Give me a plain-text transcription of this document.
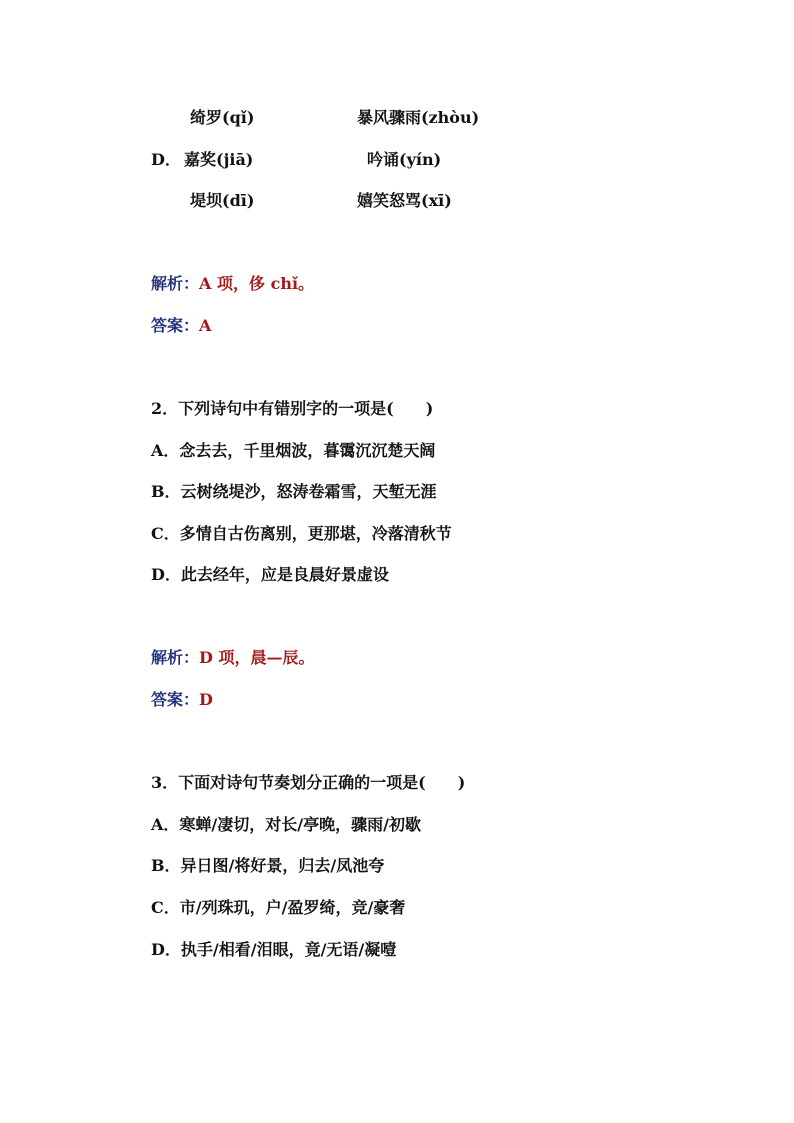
绮罗(qǐ)	暴风骤雨(zhòu)
D． 嘉奖(jiā)	吟诵(yín)
堤坝(dī)	嬉笑怒骂(xī)
解析：A 项，侈 chǐ。
答案：A
2．下列诗句中有错别字的一项是(　　)
A．念去去，千里烟波，暮霭沉沉楚天阔
B．云树绕堤沙，怒涛卷霜雪，天堑无涯
C．多情自古伤离别，更那堪，冷落清秋节
D．此去经年，应是良晨好景虚设
解析：D 项，晨—辰。
答案：D
3．下面对诗句节奏划分正确的一项是(　　)
A．寒蝉/凄切，对长/亭晚，骤雨/初歇
B．异日图/将好景，归去/凤池夸
C．市/列珠玑，户/盈罗绮，竞/豪奢
D．执手/相看/泪眼，竟/无语/凝噎
